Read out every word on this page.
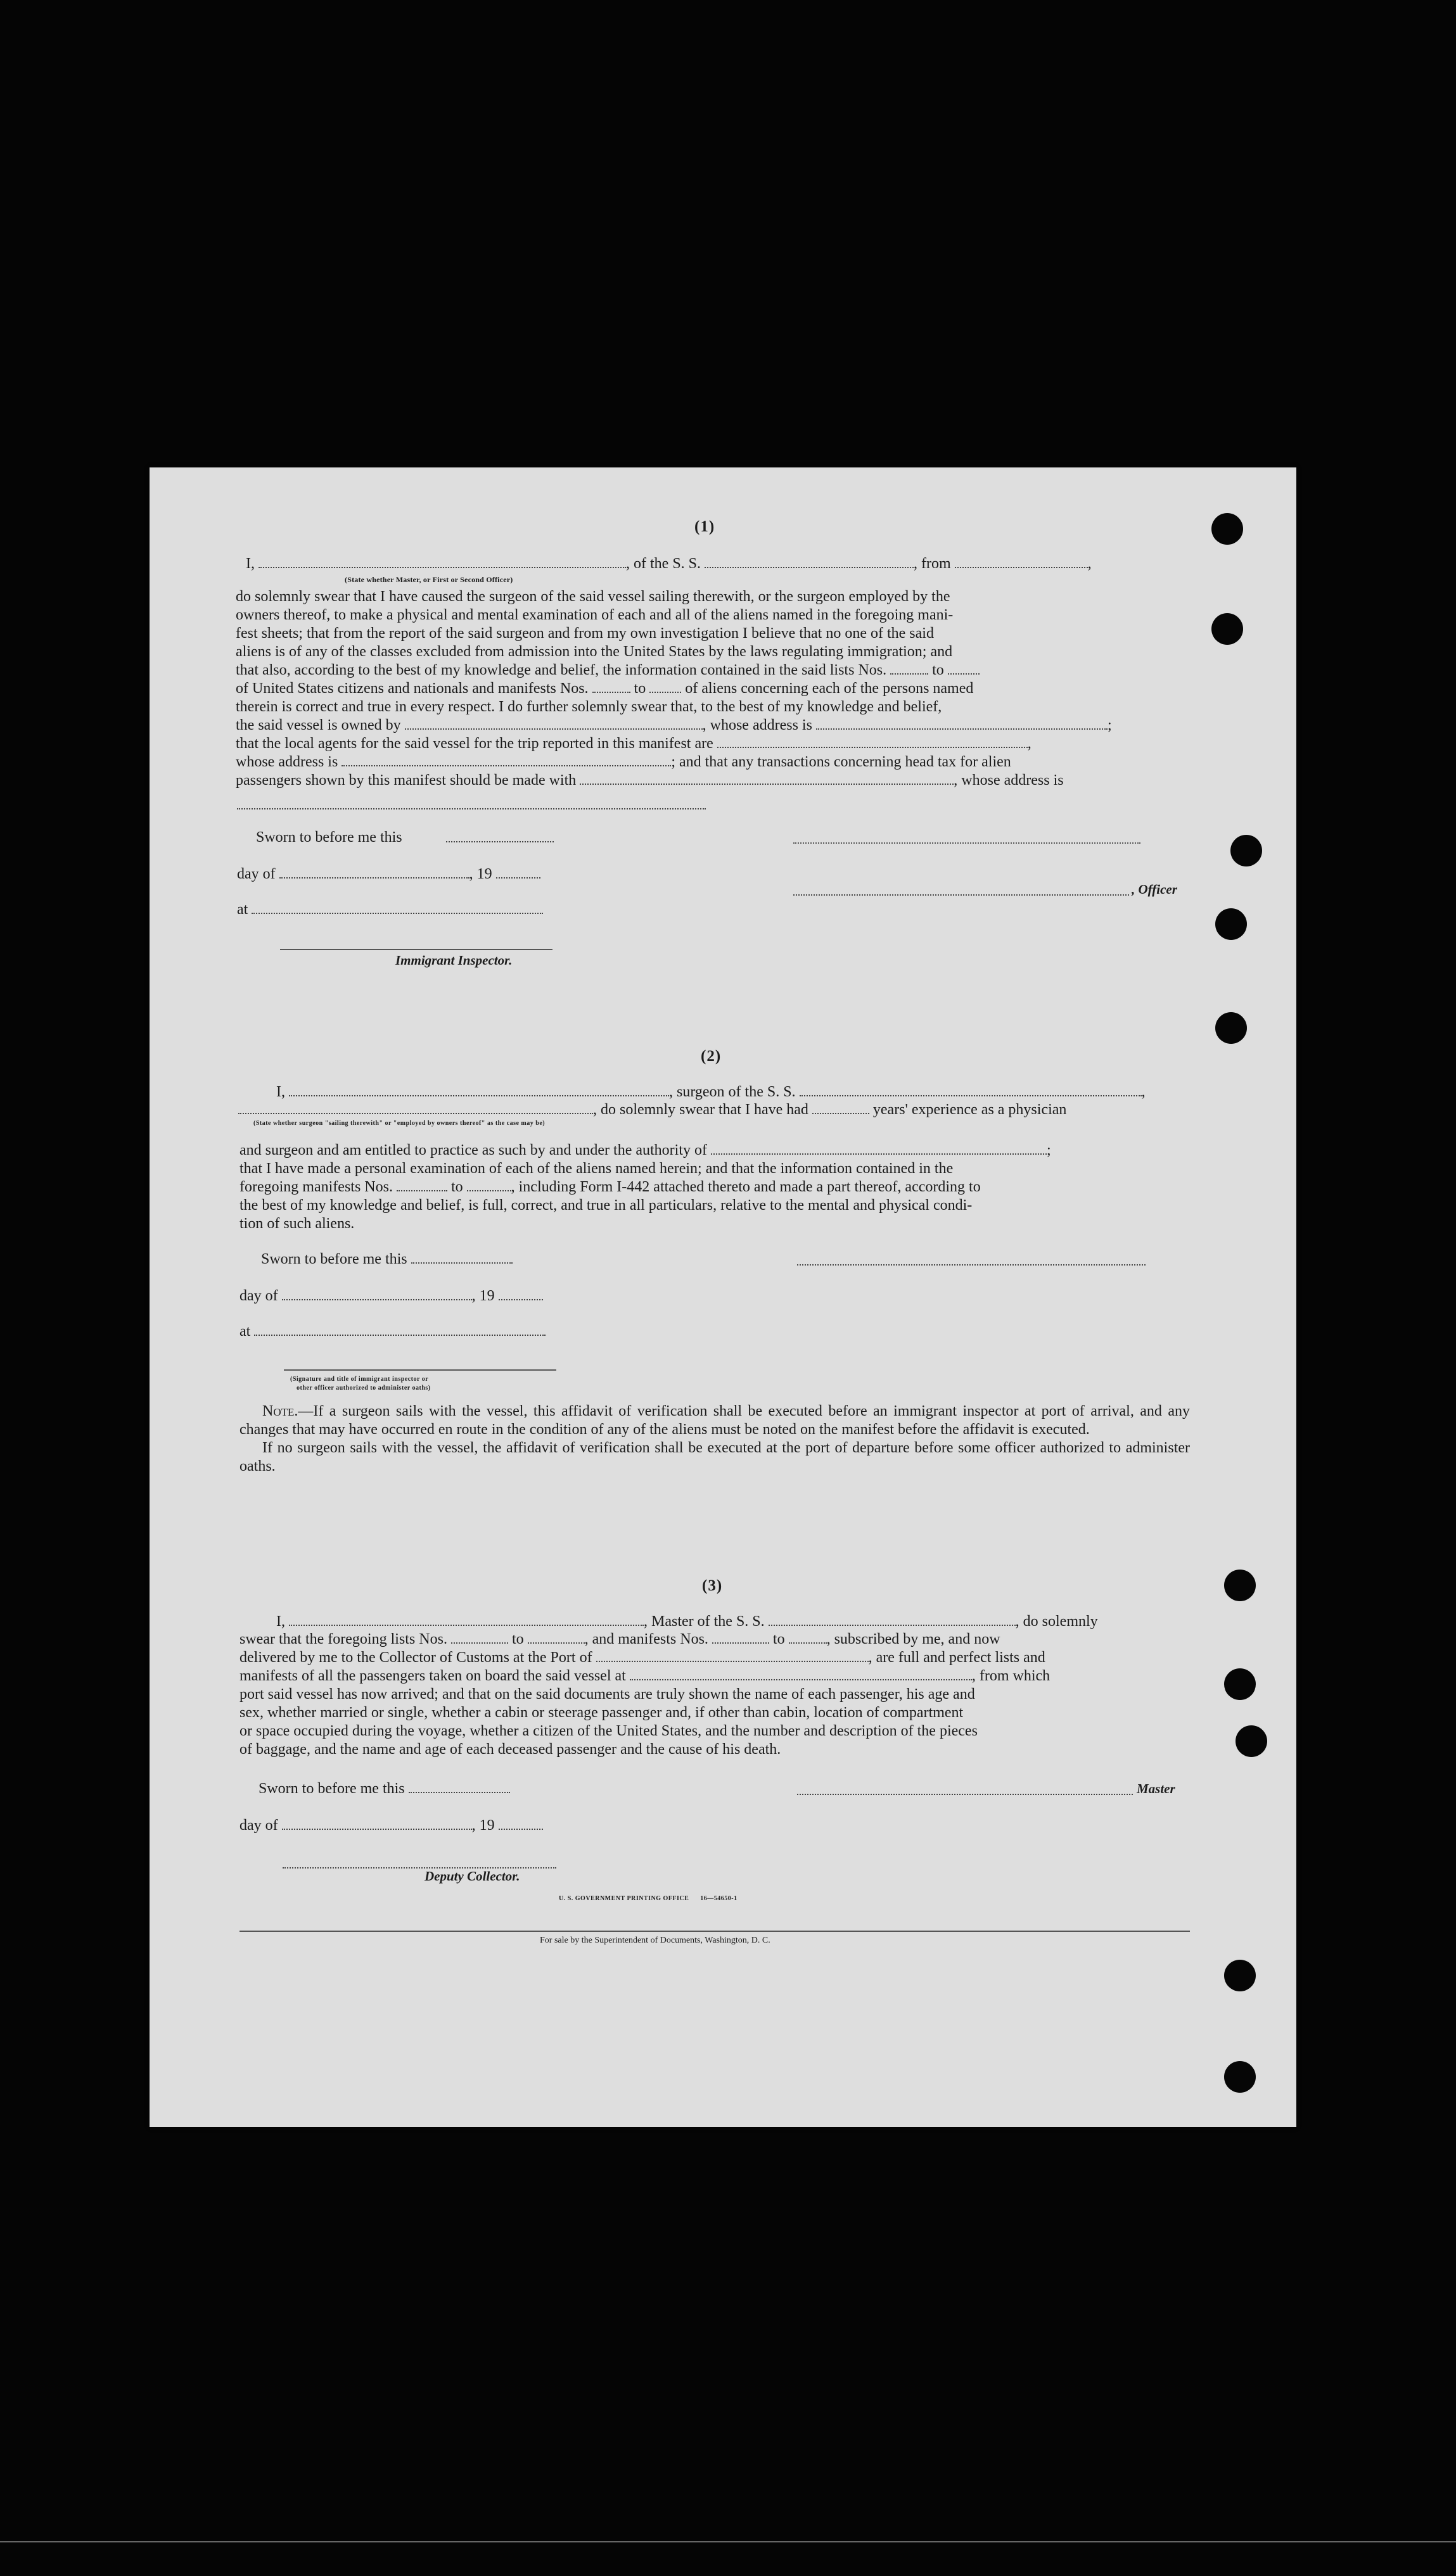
(1)
I,	, of the S. S.	, from	,
(State whether Master, or First or Second Officer)

do solemnly swear that I have caused the surgeon of the said vessel sailing therewith, or the surgeon employed by the

owners thereof, to make a physical and mental examination of each and all of the aliens named in the foregoing mani-

fest sheets; that from the report of the said surgeon and from my own investigation I believe that no one of the said

aliens is of any of the classes excluded from admission into the United States by the laws regulating immigration; and

that also, according to the best of my knowledge and belief, the information contained in the said lists Nos.	to

of United States citizens and nationals and manifests Nos.	to	of aliens concerning each of the persons named

therein is correct and true in every respect. I do further solemnly swear that, to the best of my knowledge and belief,

the said vessel is owned by	, whose address is	;

that the local agents for the said vessel for the trip reported in this manifest are	,

whose address is	; and that any transactions concerning head tax for alien

passengers shown by this manifest should be made with	, whose address is

Sworn to before me this
day of	, 19
, Officer
at
Immigrant Inspector.
(2)
I,	, surgeon of the S. S.	,
, do solemnly swear that I have had	years' experience as a physician
(State whether surgeon "sailing therewith" or "employed by owners thereof" as the case may be)

and surgeon and am entitled to practice as such by and under the authority of	;

that I have made a personal examination of each of the aliens named herein; and that the information contained in the

foregoing manifests Nos.	to	, including Form I-442 attached thereto and made a part thereof, according to

the best of my knowledge and belief, is full, correct, and true in all particulars, relative to the mental and physical condi-

tion of such aliens.

Sworn to before me this
day of	, 19
at
(Signature and title of immigrant inspector or
other officer authorized to administer oaths)

Note.—If a surgeon sails with the vessel, this affidavit of verification shall be executed before an immigrant inspector at port of arrival, and any changes that may have occurred en route in the condition of any of the aliens must be noted on the manifest before the affidavit is executed.

If no surgeon sails with the vessel, the affidavit of verification shall be executed at the port of departure before some officer authorized to administer oaths.

(3)
I,	, Master of the S. S.	, do solemnly

swear that the foregoing lists Nos.	to	, and manifests Nos.	to	, subscribed by me, and now

delivered by me to the Collector of Customs at the Port of	, are full and perfect lists and

manifests of all the passengers taken on board the said vessel at	, from which

port said vessel has now arrived; and that on the said documents are truly shown the name of each passenger, his age and

sex, whether married or single, whether a cabin or steerage passenger and, if other than cabin, location of compartment

or space occupied during the voyage, whether a citizen of the United States, and the number and description of the pieces

of baggage, and the name and age of each deceased passenger and the cause of his death.

Sworn to before me this	Master
day of	, 19
Deputy Collector.
U. S. GOVERNMENT PRINTING OFFICE 16—54650-1
For sale by the Superintendent of Documents, Washington, D. C.
